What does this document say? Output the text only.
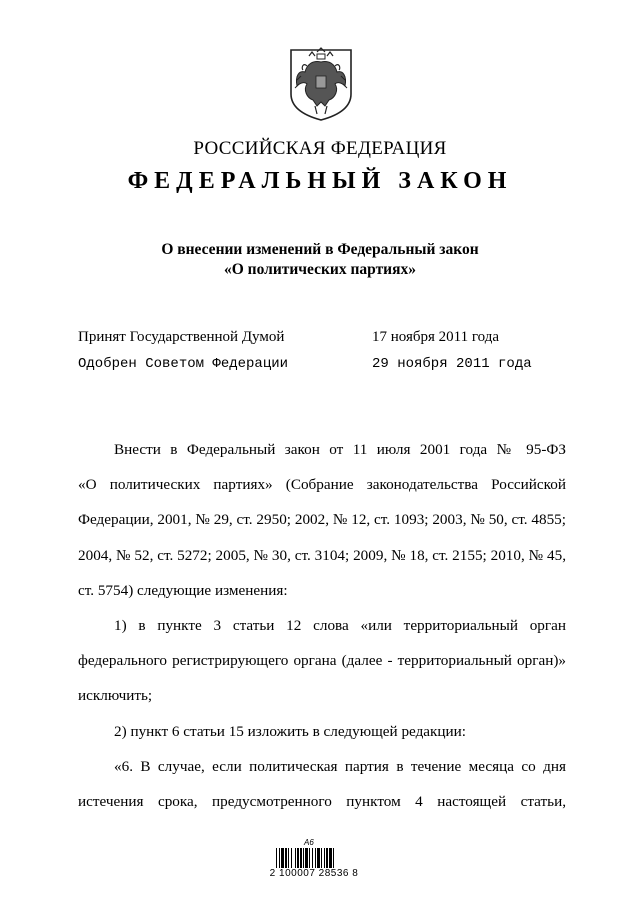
РОССИЙСКАЯ ФЕДЕРАЦИЯ
ФЕДЕРАЛЬНЫЙ ЗАКОН
О внесении изменений в Федеральный закон
«О политических партиях»
Принят Государственной Думой	17 ноября 2011 года
Одобрен Советом Федерации	29 ноября 2011 года

Внести в Федеральный закон от 11 июля 2001 года № 95-ФЗ

«О политических партиях» (Собрание законодательства Российской

Федерации, 2001, № 29, ст. 2950; 2002, № 12, ст. 1093; 2003, № 50, ст. 4855;

2004, № 52, ст. 5272; 2005, № 30, ст. 3104; 2009, № 18, ст. 2155; 2010, № 45,

ст. 5754) следующие изменения:

1) в пункте 3 статьи 12 слова «или территориальный орган

федерального регистрирующего органа (далее - территориальный орган)»

исключить;

2) пункт 6 статьи 15 изложить в следующей редакции:

«6. В случае, если политическая партия в течение месяца со дня

истечения срока, предусмотренного пунктом 4 настоящей статьи,

А6
2 100007 28536 8
